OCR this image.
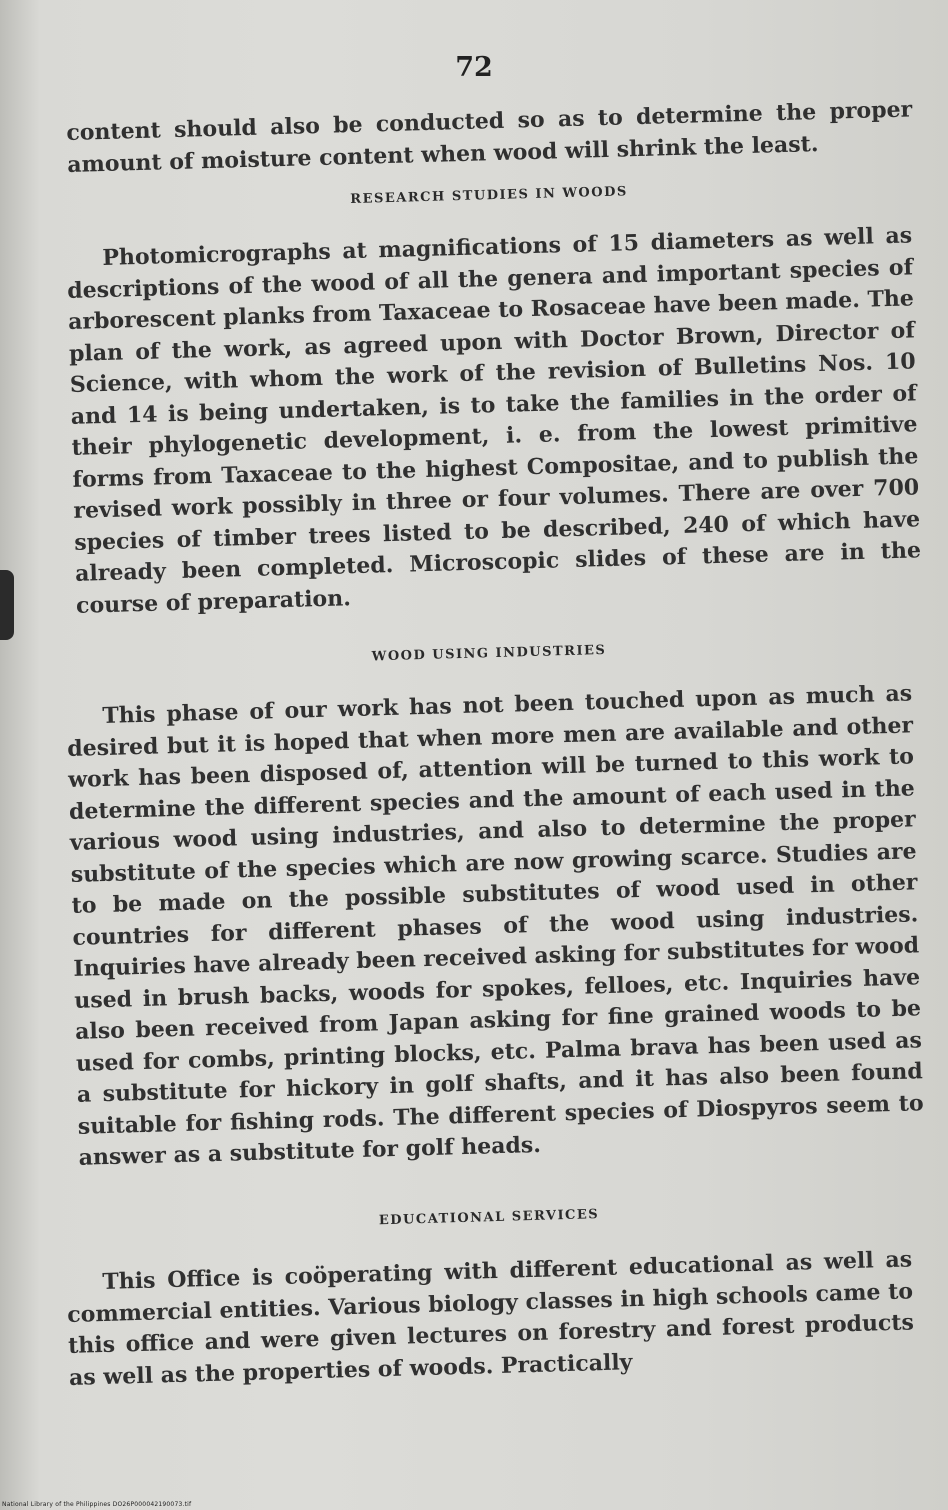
72

content should also be conducted so as to determine the proper amount of moisture content when wood will shrink the least.

RESEARCH STUDIES IN WOODS

Photomicrographs at magnifications of 15 diameters as well as descriptions of the wood of all the genera and important species of arborescent planks from Taxaceae to Rosaceae have been made. The plan of the work, as agreed upon with Doctor Brown, Director of Science, with whom the work of the revision of Bulletins Nos. 10 and 14 is being undertaken, is to take the families in the order of their phylogenetic development, i. e. from the lowest primitive forms from Taxaceae to the highest Compositae, and to publish the revised work possibly in three or four volumes. There are over 700 species of timber trees listed to be described, 240 of which have already been completed. Microscopic slides of these are in the course of preparation.

WOOD USING INDUSTRIES

This phase of our work has not been touched upon as much as desired but it is hoped that when more men are available and other work has been disposed of, attention will be turned to this work to determine the different species and the amount of each used in the various wood using industries, and also to determine the proper substitute of the species which are now growing scarce. Studies are to be made on the possible substitutes of wood used in other countries for different phases of the wood using industries. Inquiries have already been received asking for substitutes for wood used in brush backs, woods for spokes, felloes, etc. Inquiries have also been received from Japan asking for fine grained woods to be used for combs, printing blocks, etc. Palma brava has been used as a substitute for hickory in golf shafts, and it has also been found suitable for fishing rods. The different species of Diospyros seem to answer as a substitute for golf heads.

EDUCATIONAL SERVICES

This Office is coöperating with different educational as well as commercial entities. Various biology classes in high schools came to this office and were given lectures on forestry and forest products as well as the properties of woods. Practically

National Library of the Philippines DO26P000042190073.tif
